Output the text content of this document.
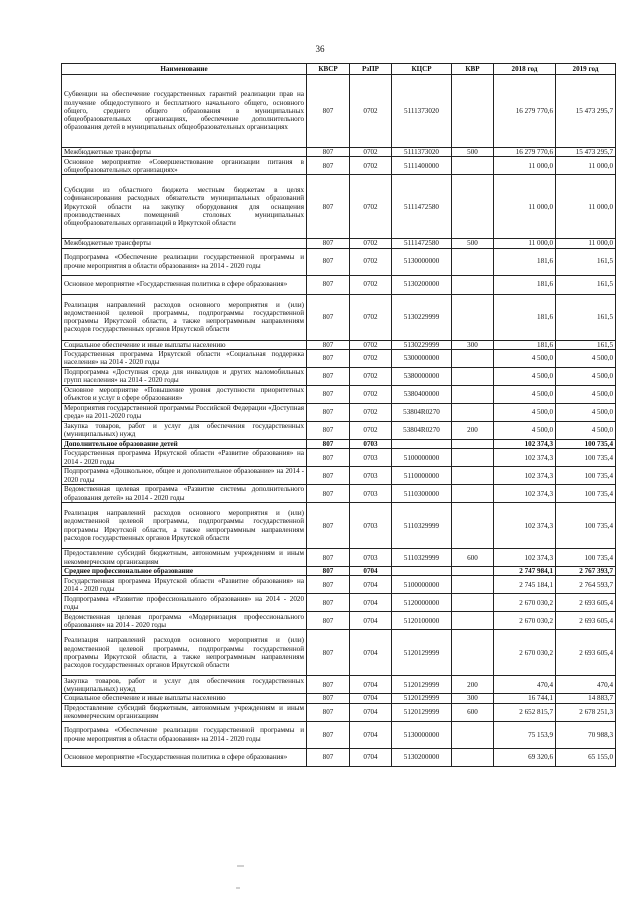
36
Наименование	КВСР	РзПР	КЦСР	КВР	2018 год	2019 год
Субвенции на обеспечение государственных гарантий реализации прав на получение общедоступного и бесплатного начального общего, основного общего, среднего общего образования в муниципальных общеобразовательных организациях, обеспечение дополнительного образования детей в муниципальных общеобразовательных организациях	807	0702	5111373020		16 279 770,6	15 473 295,7
Межбюджетные трансферты	807	0702	5111373020	500	16 279 770,6	15 473 295,7
Основное мероприятие «Совершенствование организации питания в общеобразовательных организациях»	807	0702	5111400000		11 000,0	11 000,0
Субсидии из областного бюджета местным бюджетам в целях софинансирования расходных обязательств муниципальных образований Иркутской области на закупку оборудования для оснащения производственных помещений столовых муниципальных общеобразовательных организаций в Иркутской области	807	0702	5111472580		11 000,0	11 000,0
Межбюджетные трансферты	807	0702	5111472580	500	11 000,0	11 000,0
Подпрограмма «Обеспечение реализации государственной программы и прочие мероприятия в области образования» на 2014 - 2020 годы	807	0702	5130000000		181,6	161,5
Основное мероприятие «Государственная политика в сфере образования»	807	0702	5130200000		181,6	161,5
Реализация направлений расходов основного мероприятия и (или) ведомственной целевой программы, подпрограммы государственной программы Иркутской области, а также непрограммным направлениям расходов государственных органов Иркутской области	807	0702	5130229999		181,6	161,5
Социальное обеспечение и иные выплаты населению	807	0702	5130229999	300	181,6	161,5
Государственная программа Иркутской области «Социальная поддержка населения» на 2014 - 2020 годы	807	0702	5300000000		4 500,0	4 500,0
Подпрограмма «Доступная среда для инвалидов и других маломобильных групп населения» на 2014 - 2020 годы	807	0702	5380000000		4 500,0	4 500,0
Основное мероприятие «Повышение уровня доступности приоритетных объектов и услуг в сфере образования»	807	0702	5380400000		4 500,0	4 500,0
Мероприятия государственной программы Российской Федерации «Доступная среда» на 2011-2020 годы	807	0702	53804R0270		4 500,0	4 500,0
Закупка товаров, работ и услуг для обеспечения государственных (муниципальных) нужд	807	0702	53804R0270	200	4 500,0	4 500,0
Дополнительное образование детей	807	0703			102 374,3	100 735,4
Государственная программа Иркутской области «Развитие образования» на 2014 - 2020 годы	807	0703	5100000000		102 374,3	100 735,4
Подпрограмма «Дошкольное, общее и дополнительное образование» на 2014 - 2020 годы	807	0703	5110000000		102 374,3	100 735,4
Ведомственная целевая программа «Развитие системы дополнительного образования детей» на 2014 - 2020 годы	807	0703	5110300000		102 374,3	100 735,4
Реализация направлений расходов основного мероприятия и (или) ведомственной целевой программы, подпрограммы государственной программы Иркутской области, а также непрограммным направлениям расходов государственных органов Иркутской области	807	0703	5110329999		102 374,3	100 735,4
Предоставление субсидий бюджетным, автономным учреждениям и иным некоммерческим организациям	807	0703	5110329999	600	102 374,3	100 735,4
Среднее профессиональное образование	807	0704			2 747 984,1	2 767 393,7
Государственная программа Иркутской области «Развитие образования» на 2014 - 2020 годы	807	0704	5100000000		2 745 184,1	2 764 593,7
Подпрограмма «Развитие профессионального образования» на 2014 - 2020 годы	807	0704	5120000000		2 670 030,2	2 693 605,4
Ведомственная целевая программа «Модернизация профессионального образования» на 2014 - 2020 годы	807	0704	5120100000		2 670 030,2	2 693 605,4
Реализация направлений расходов основного мероприятия и (или) ведомственной целевой программы, подпрограммы государственной программы Иркутской области, а также непрограммным направлениям расходов государственных органов Иркутской области	807	0704	5120129999		2 670 030,2	2 693 605,4
Закупка товаров, работ и услуг для обеспечения государственных (муниципальных) нужд	807	0704	5120129999	200	470,4	470,4
Социальное обеспечение и иные выплаты населению	807	0704	5120129999	300	16 744,1	14 883,7
Предоставление субсидий бюджетным, автономным учреждениям и иным некоммерческим организациям	807	0704	5120129999	600	2 652 815,7	2 678 251,3
Подпрограмма «Обеспечение реализации государственной программы и прочие мероприятия в области образования» на 2014 - 2020 годы	807	0704	5130000000		75 153,9	70 988,3
Основное мероприятие «Государственная политика в сфере образования»	807	0704	5130200000		69 320,6	65 155,0
